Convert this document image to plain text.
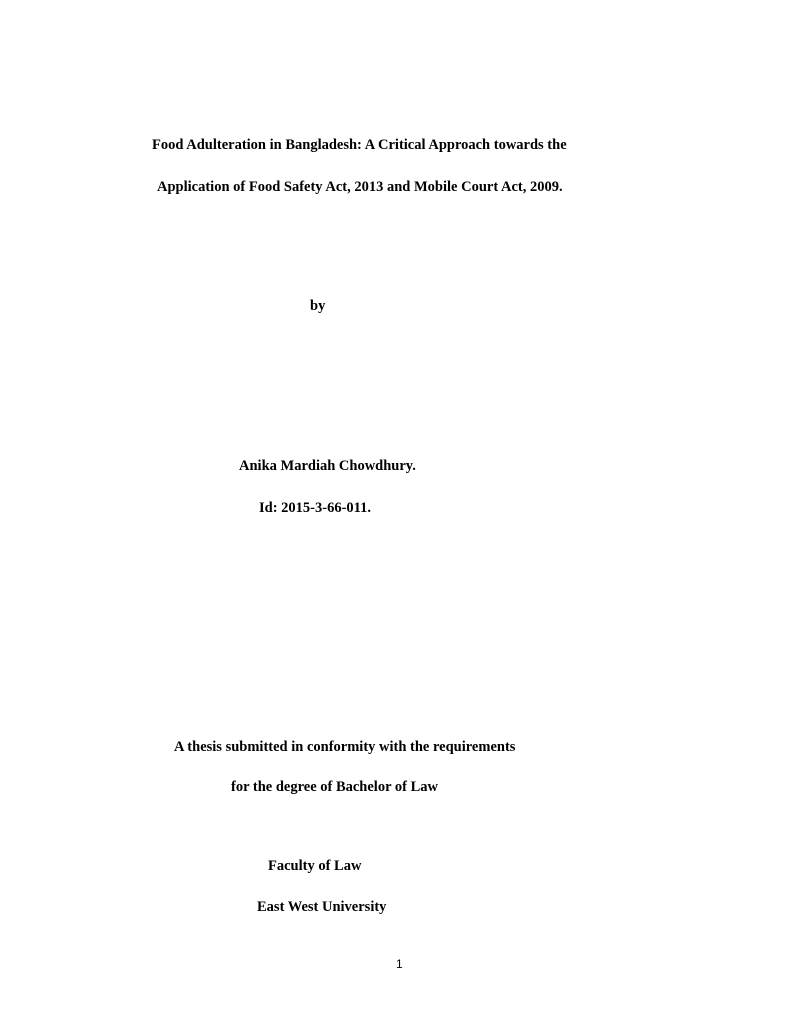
Food Adulteration in Bangladesh: A Critical Approach towards the
Application of Food Safety Act, 2013 and Mobile Court Act, 2009.
by
Anika Mardiah Chowdhury.
Id: 2015-3-66-011.
A thesis submitted in conformity with the requirements
for the degree of Bachelor of Law
Faculty of Law
East West University
1
